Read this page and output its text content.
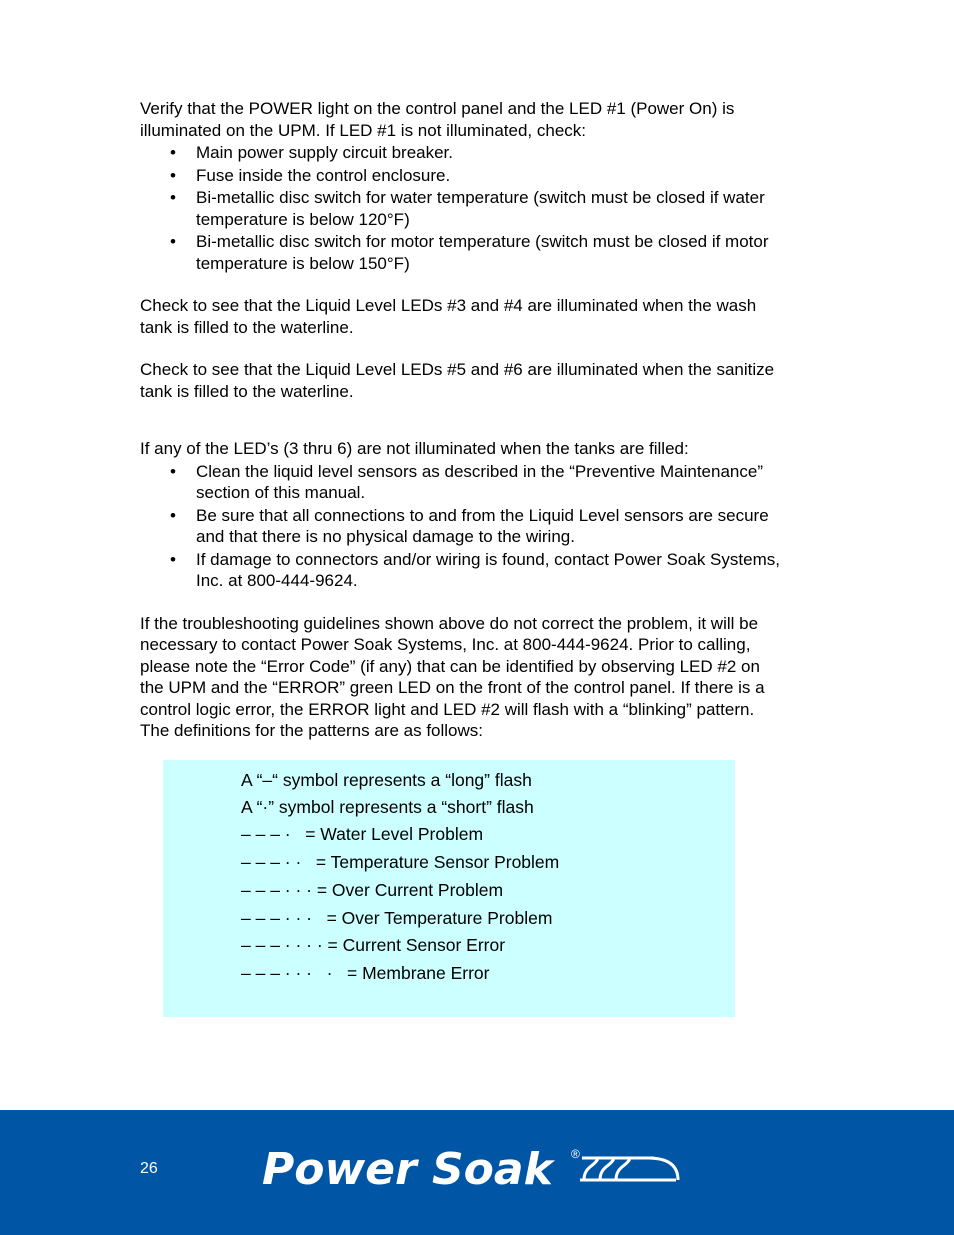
Verify that the POWER light on the control panel and the LED #1 (Power On) is illuminated on the UPM. If LED #1 is not illuminated, check:

• Main power supply circuit breaker.
• Fuse inside the control enclosure.
• Bi-metallic disc switch for water temperature (switch must be closed if water temperature is below 120°F)
• Bi-metallic disc switch for motor temperature (switch must be closed if motor temperature is below 150°F)

Check to see that the Liquid Level LEDs #3 and #4 are illuminated when the wash tank is filled to the waterline.

Check to see that the Liquid Level LEDs #5 and #6 are illuminated when the sanitize tank is filled to the waterline.

If any of the LED’s (3 thru 6) are not illuminated when the tanks are filled:

• Clean the liquid level sensors as described in the “Preventive Maintenance” section of this manual.
• Be sure that all connections to and from the Liquid Level sensors are secure and that there is no physical damage to the wiring.
• If damage to connectors and/or wiring is found, contact Power Soak Systems, Inc. at 800-444-9624.

If the troubleshooting guidelines shown above do not correct the problem, it will be necessary to contact Power Soak Systems, Inc. at 800-444-9624. Prior to calling, please note the “Error Code” (if any) that can be identified by observing LED #2 on the UPM and the “ERROR” green LED on the front of the control panel. If there is a control logic error, the ERROR light and LED #2 will flash with a “blinking” pattern. The definitions for the patterns are as follows:

A “–“ symbol represents a “long” flash
A “·” symbol represents a “short” flash
– – – ·   = Water Level Problem
– – – · ·   = Temperature Sensor Problem
– – – · · · = Over Current Problem
– – – · · ·   = Over Temperature Problem
– – – · · · · = Current Sensor Error
– – – · · ·   ·   = Membrane Error
26 Power Soak ®
